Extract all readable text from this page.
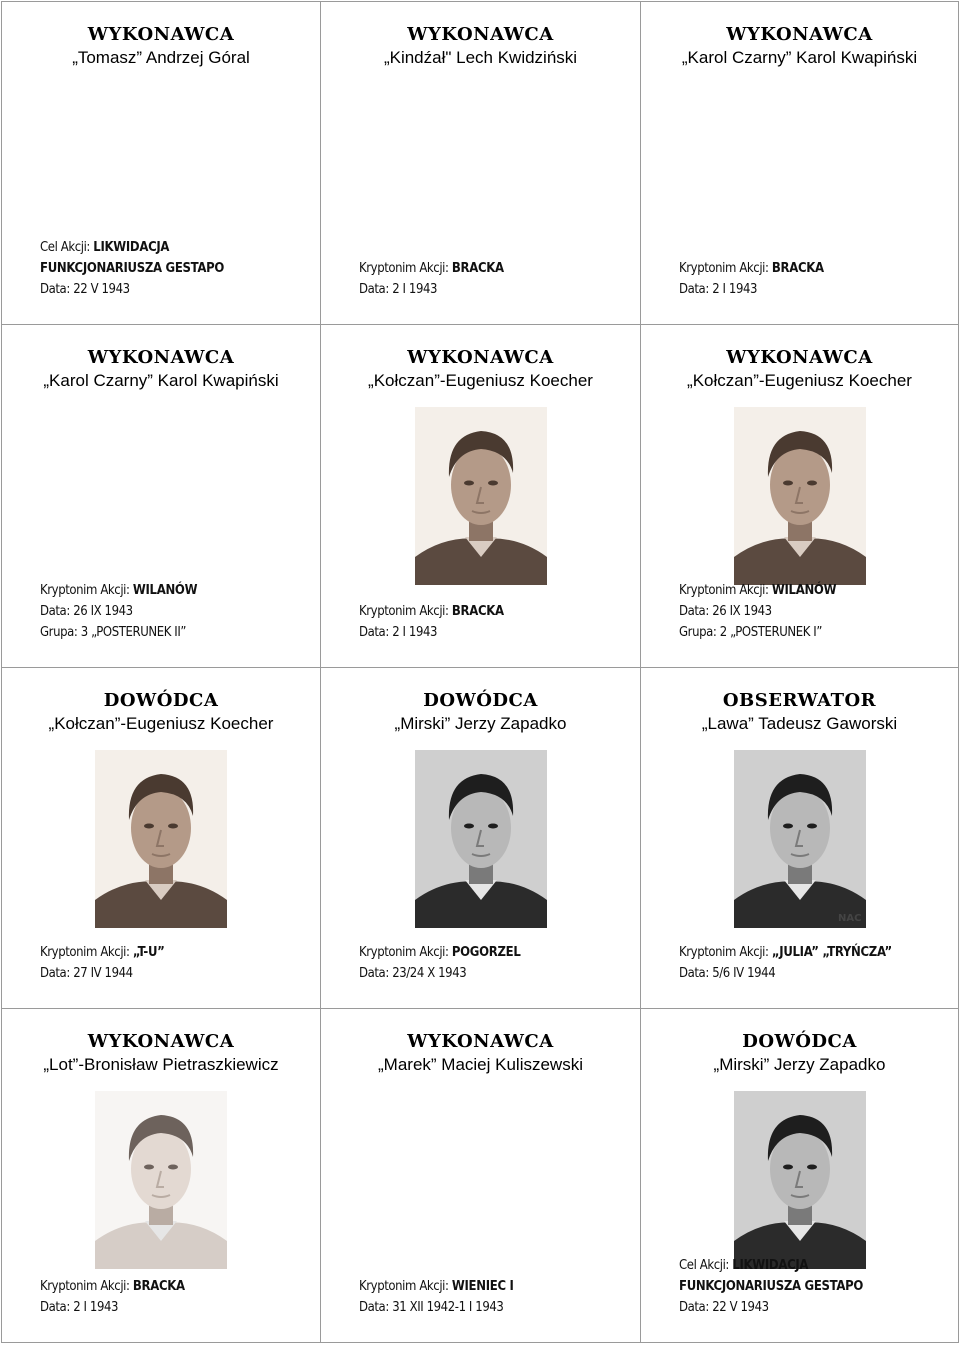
WYKONAWCA
„Tomasz” Andrzej Góral
Cel Akcji: LIKWIDACJA
FUNKCJONARIUSZA GESTAPO
Data: 22 V 1943
WYKONAWCA
„Kindźał" Lech Kwidziński
Kryptonim Akcji: BRACKA
Data: 2 I 1943
WYKONAWCA
„Karol Czarny” Karol Kwapiński
Kryptonim Akcji: BRACKA
Data: 2 I 1943
WYKONAWCA
„Karol Czarny” Karol Kwapiński
Kryptonim Akcji: WILANÓW
Data: 26 IX 1943
Grupa: 3 „POSTERUNEK II”
WYKONAWCA
„Kołczan”-Eugeniusz Koecher
Kryptonim Akcji: BRACKA
Data: 2 I 1943
WYKONAWCA
„Kołczan”-Eugeniusz Koecher
Kryptonim Akcji: WILANÓW
Data: 26 IX 1943
Grupa: 2 „POSTERUNEK I”
DOWÓDCA
„Kołczan”-Eugeniusz Koecher
Kryptonim Akcji: „T-U”
Data: 27 IV 1944
DOWÓDCA
„Mirski” Jerzy Zapadko
Kryptonim Akcji: POGORZEL
Data: 23/24 X 1943
OBSERWATOR
„Lawa” Tadeusz Gaworski
NAC
Kryptonim Akcji: „JULIA” „TRYŃCZA”
Data: 5/6 IV 1944
WYKONAWCA
„Lot”-Bronisław Pietraszkiewicz
Kryptonim Akcji: BRACKA
Data: 2 I 1943
WYKONAWCA
„Marek” Maciej Kuliszewski
Kryptonim Akcji: WIENIEC I
Data: 31 XII 1942-1 I 1943
DOWÓDCA
„Mirski” Jerzy Zapadko
Cel Akcji: LIKWIDACJA
FUNKCJONARIUSZA GESTAPO
Data: 22 V 1943
